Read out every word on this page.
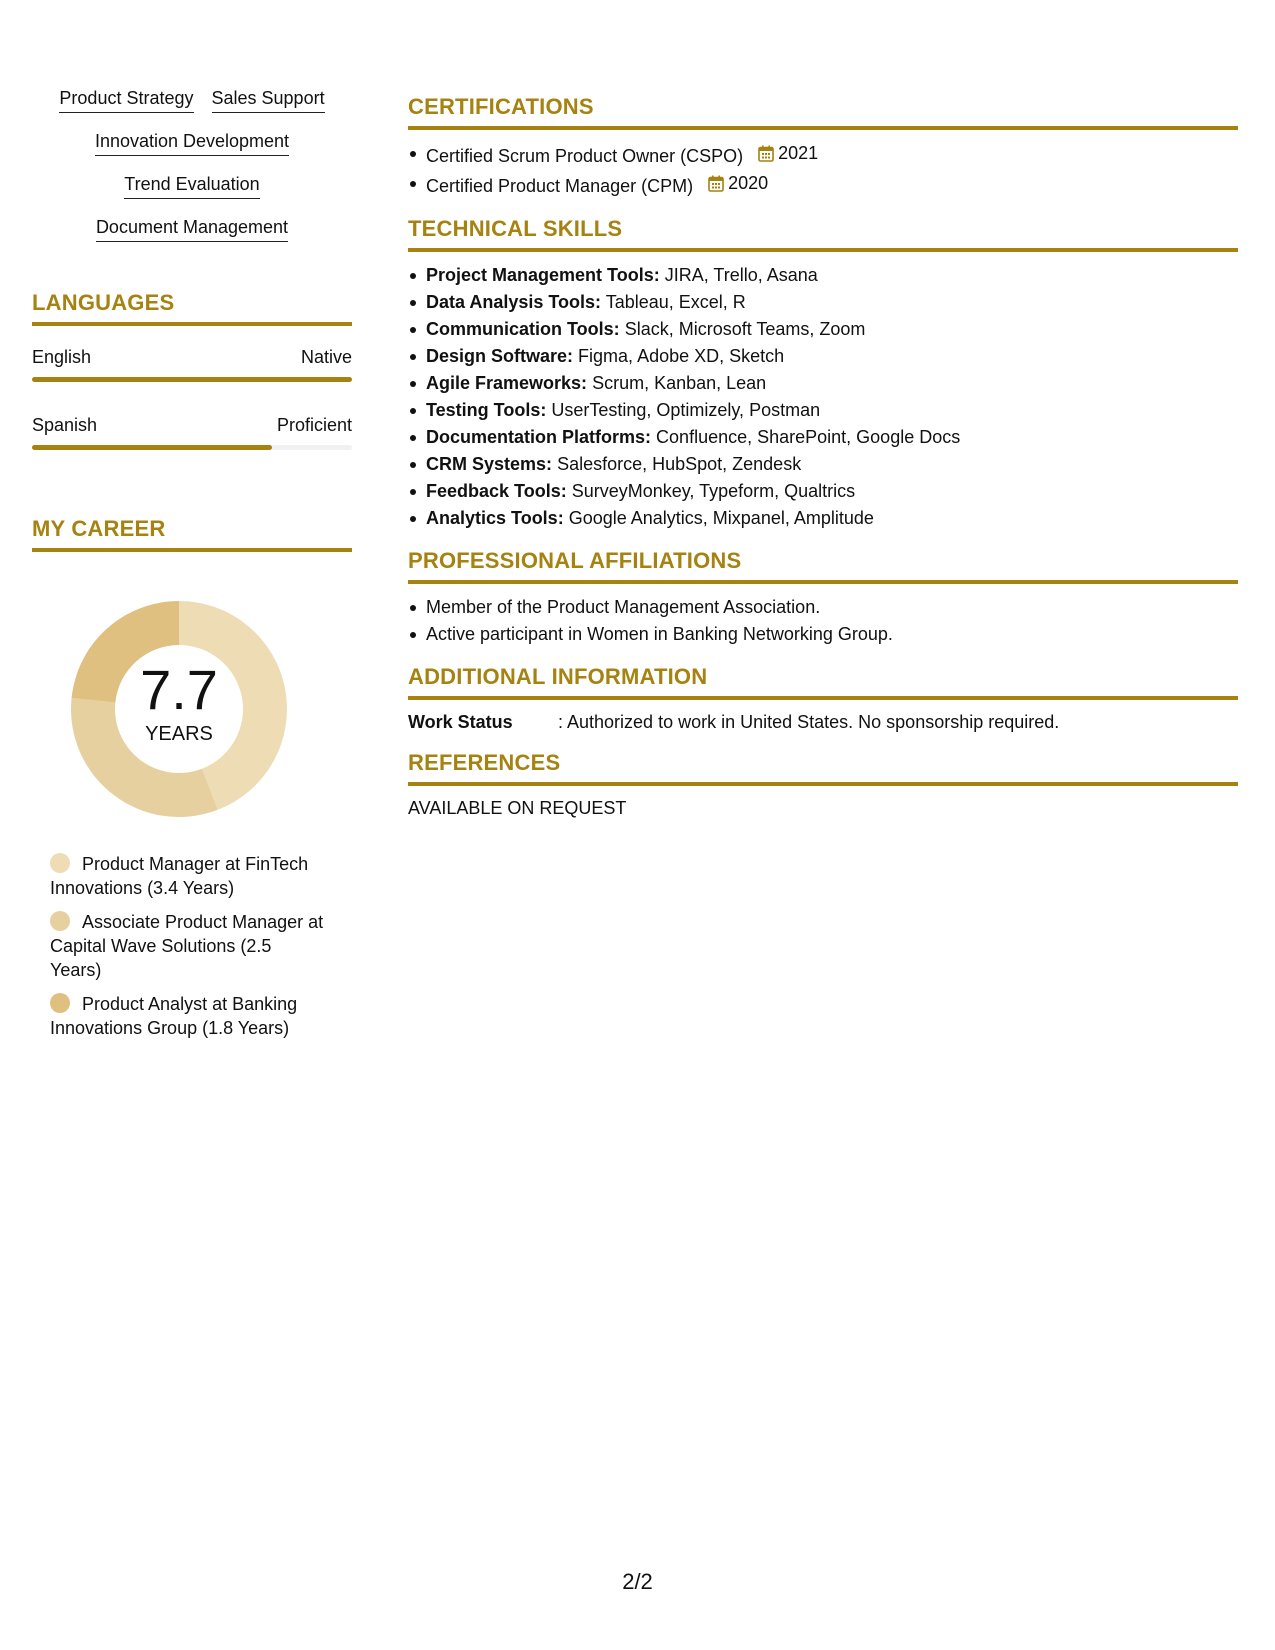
Product Strategy Sales Support
Innovation Development
Trend Evaluation
Document Management
LANGUAGES
English	Native
Spanish	Proficient
MY CAREER
7.7
YEARS
Product Manager at FinTech Innovations (3.4 Years)
Associate Product Manager at Capital Wave Solutions (2.5 Years)
Product Analyst at Banking Innovations Group (1.8 Years)
CERTIFICATIONS
Certified Scrum Product Owner (CSPO) 2021
Certified Product Manager (CPM) 2020
TECHNICAL SKILLS
Project Management Tools: JIRA, Trello, Asana
Data Analysis Tools: Tableau, Excel, R
Communication Tools: Slack, Microsoft Teams, Zoom
Design Software: Figma, Adobe XD, Sketch
Agile Frameworks: Scrum, Kanban, Lean
Testing Tools: UserTesting, Optimizely, Postman
Documentation Platforms: Confluence, SharePoint, Google Docs
CRM Systems: Salesforce, HubSpot, Zendesk
Feedback Tools: SurveyMonkey, Typeform, Qualtrics
Analytics Tools: Google Analytics, Mixpanel, Amplitude
PROFESSIONAL AFFILIATIONS
Member of the Product Management Association.
Active participant in Women in Banking Networking Group.
ADDITIONAL INFORMATION
Work Status	: Authorized to work in United States. No sponsorship required.
REFERENCES
AVAILABLE ON REQUEST
2/2
